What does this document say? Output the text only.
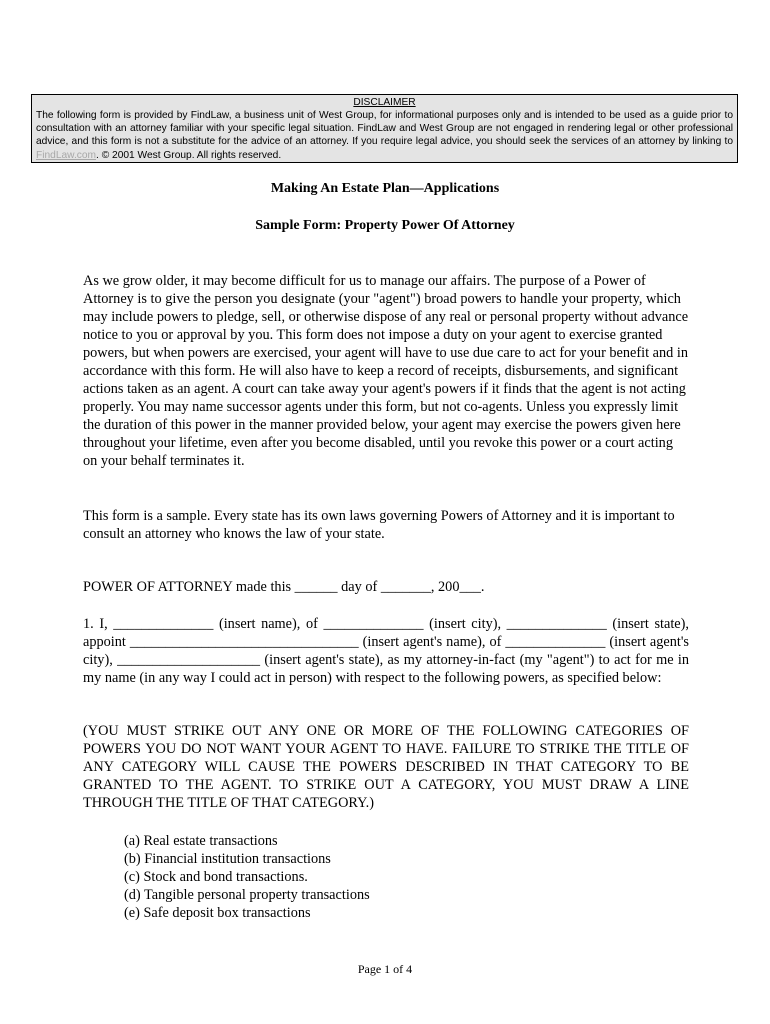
DISCLAIMER
The following form is provided by FindLaw, a business unit of West Group, for informational purposes only and is intended to be used as a guide prior to consultation with an attorney familiar with your specific legal situation. FindLaw and West Group are not engaged in rendering legal or other professional advice, and this form is not a substitute for the advice of an attorney. If you require legal advice, you should seek the services of an attorney by linking to FindLaw.com. © 2001 West Group. All rights reserved.
Making An Estate Plan—Applications
Sample Form: Property Power Of Attorney

As we grow older, it may become difficult for us to manage our affairs. The purpose of a Power of Attorney is to give the person you designate (your "agent") broad powers to handle your property, which may include powers to pledge, sell, or otherwise dispose of any real or personal property without advance notice to you or approval by you. This form does not impose a duty on your agent to exercise granted powers, but when powers are exercised, your agent will have to use due care to act for your benefit and in accordance with this form. He will also have to keep a record of receipts, disbursements, and significant actions taken as an agent. A court can take away your agent's powers if it finds that the agent is not acting properly. You may name successor agents under this form, but not co-agents. Unless you expressly limit the duration of this power in the manner provided below, your agent may exercise the powers given here throughout your lifetime, even after you become disabled, until you revoke this power or a court acting on your behalf terminates it.

This form is a sample. Every state has its own laws governing Powers of Attorney and it is important to consult an attorney who knows the law of your state.

POWER OF ATTORNEY made this ______ day of _______, 200___.

1. I, ______________ (insert name), of ______________ (insert city), ______________ (insert state), appoint ________________________________ (insert agent's name), of ______________ (insert agent's city), ____________________ (insert agent's state), as my attorney-in-fact (my "agent") to act for me in my name (in any way I could act in person) with respect to the following powers, as specified below:

(YOU MUST STRIKE OUT ANY ONE OR MORE OF THE FOLLOWING CATEGORIES OF POWERS YOU DO NOT WANT YOUR AGENT TO HAVE. FAILURE TO STRIKE THE TITLE OF ANY CATEGORY WILL CAUSE THE POWERS DESCRIBED IN THAT CATEGORY TO BE GRANTED TO THE AGENT. TO STRIKE OUT A CATEGORY, YOU MUST DRAW A LINE THROUGH THE TITLE OF THAT CATEGORY.)

(a) Real estate transactions
(b) Financial institution transactions
(c) Stock and bond transactions.
(d) Tangible personal property transactions
(e) Safe deposit box transactions
Page 1 of 4
